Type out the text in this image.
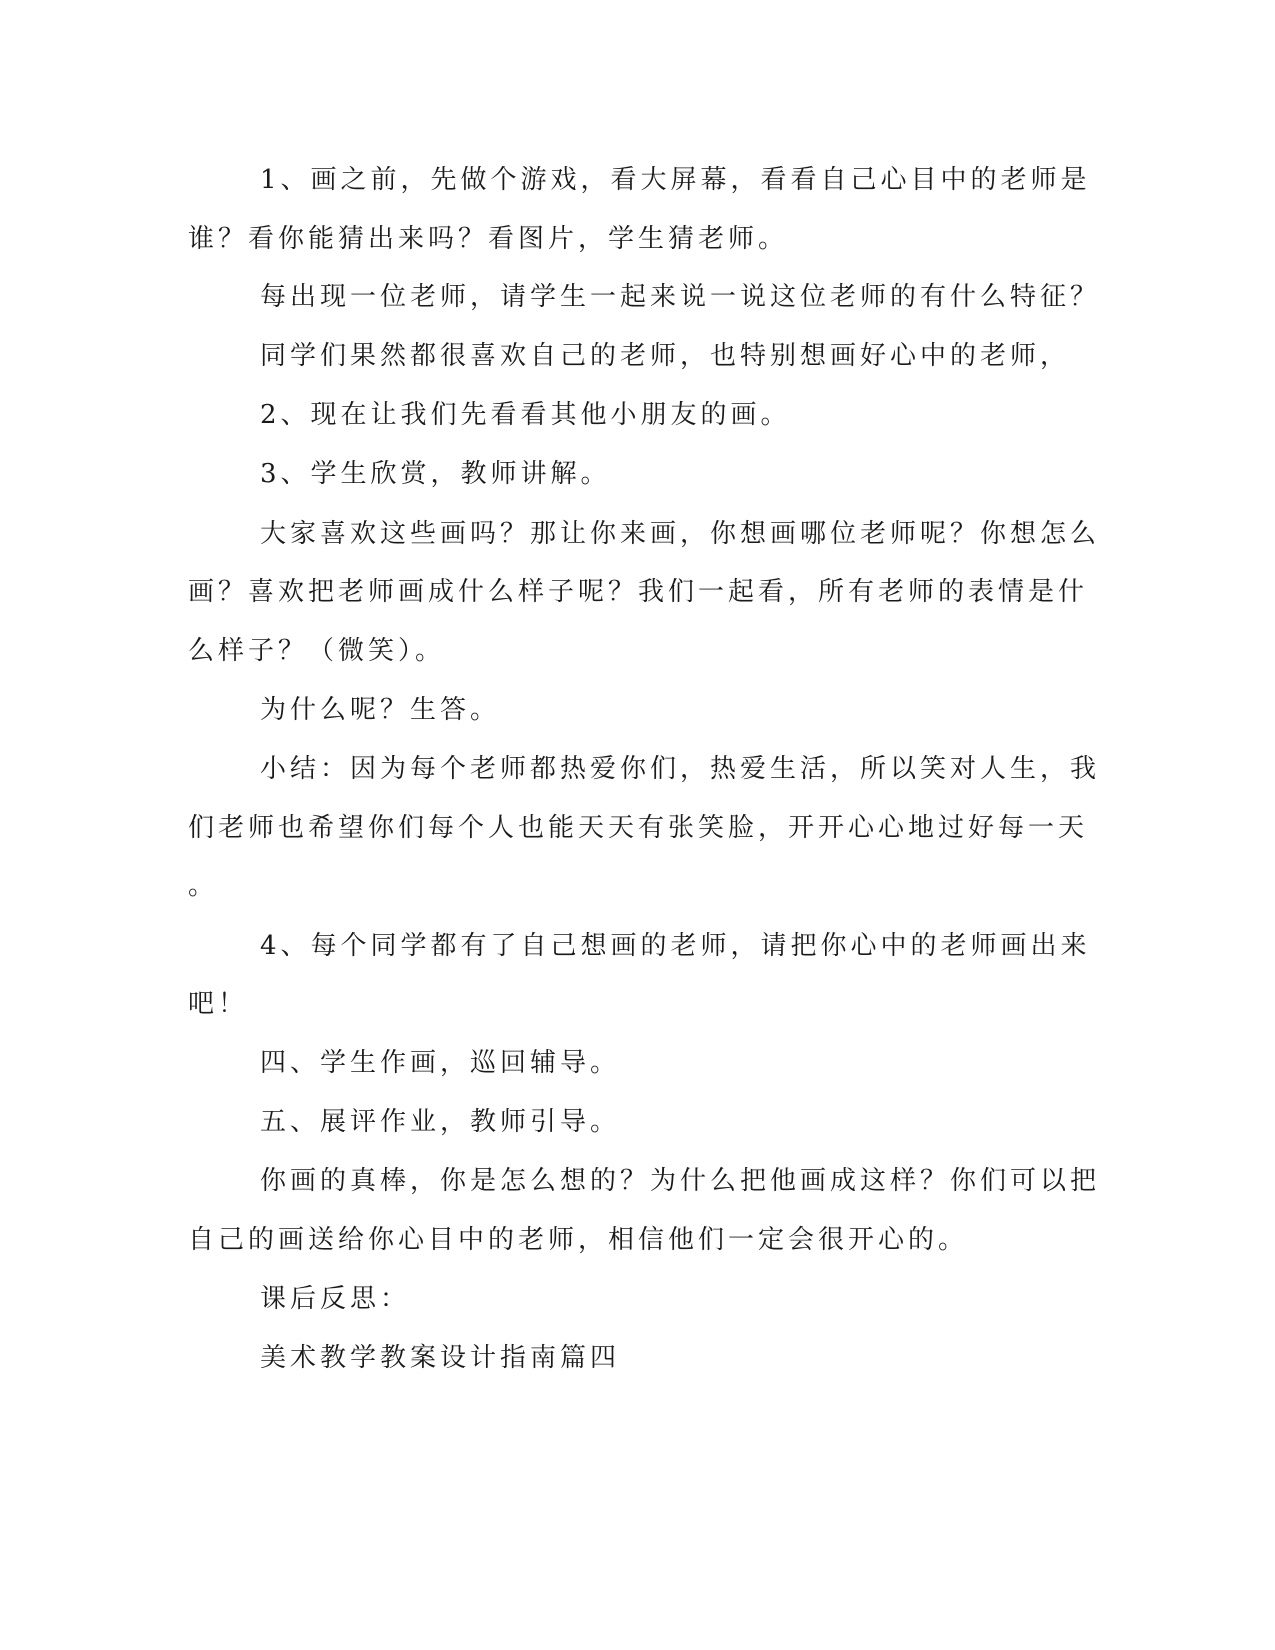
1、画之前，先做个游戏，看大屏幕，看看自己心目中的老师是
谁？看你能猜出来吗？看图片，学生猜老师。
每出现一位老师，请学生一起来说一说这位老师的有什么特征？
同学们果然都很喜欢自己的老师，也特别想画好心中的老师，
2、现在让我们先看看其他小朋友的画。
3、学生欣赏，教师讲解。
大家喜欢这些画吗？那让你来画，你想画哪位老师呢？你想怎么
画？喜欢把老师画成什么样子呢？我们一起看，所有老师的表情是什
么样子？（微笑）。
为什么呢？生答。
小结：因为每个老师都热爱你们，热爱生活，所以笑对人生，我
们老师也希望你们每个人也能天天有张笑脸，开开心心地过好每一天
。
4、每个同学都有了自己想画的老师，请把你心中的老师画出来
吧！
四、学生作画，巡回辅导。
五、展评作业，教师引导。
你画的真棒，你是怎么想的？为什么把他画成这样？你们可以把
自己的画送给你心目中的老师，相信他们一定会很开心的。
课后反思：
美术教学教案设计指南篇四
